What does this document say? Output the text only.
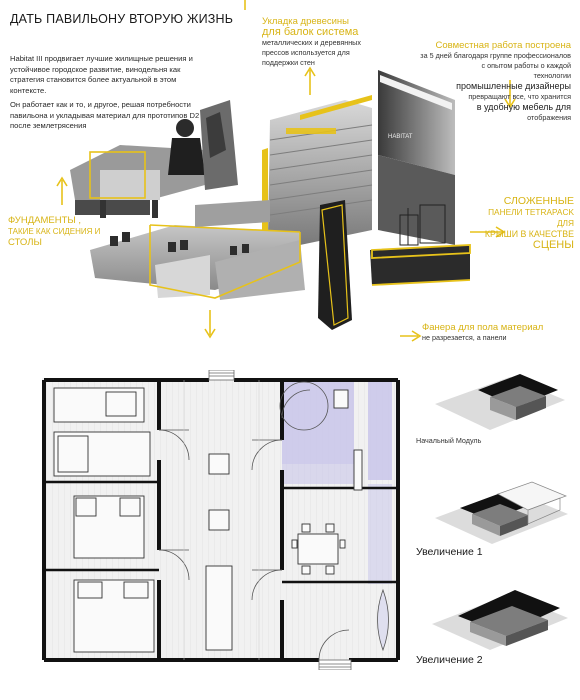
ДАТЬ ПАВИЛЬОНУ ВТОРУЮ ЖИЗНЬ

Habitat III продвигает лучшие жилищные решения и устойчивое городское развитие, винодельня как стратегия становится более актуальной в этом контексте.

Он работает как и то, и другое, решая потребности павильона и укладывая материал для прототипов D2 после землетрясения

HABITAT
Укладка древесины
для балок система
металлических и деревянных прессов используется для поддержки стен
Совместная работа построена
за 5 дней благодаря группе профессионалов
с опытом работы о каждой
технологии
промышленные дизайнеры
превращают все, что хранится
в удобную мебель для
отображения
ФУНДАМЕНТЫ ,
ТАКИЕ КАК СИДЕНИЯ И
СТОЛЫ
СЛОЖЕННЫЕ
ПАНЕЛИ TETRAPACK ДЛЯ
КРЫШИ В КАЧЕСТВЕ
СЦЕНЫ
Фанера для пола материал
не разрезается, а панели
Начальный Модуль
Увеличение 1
Увеличение 2
